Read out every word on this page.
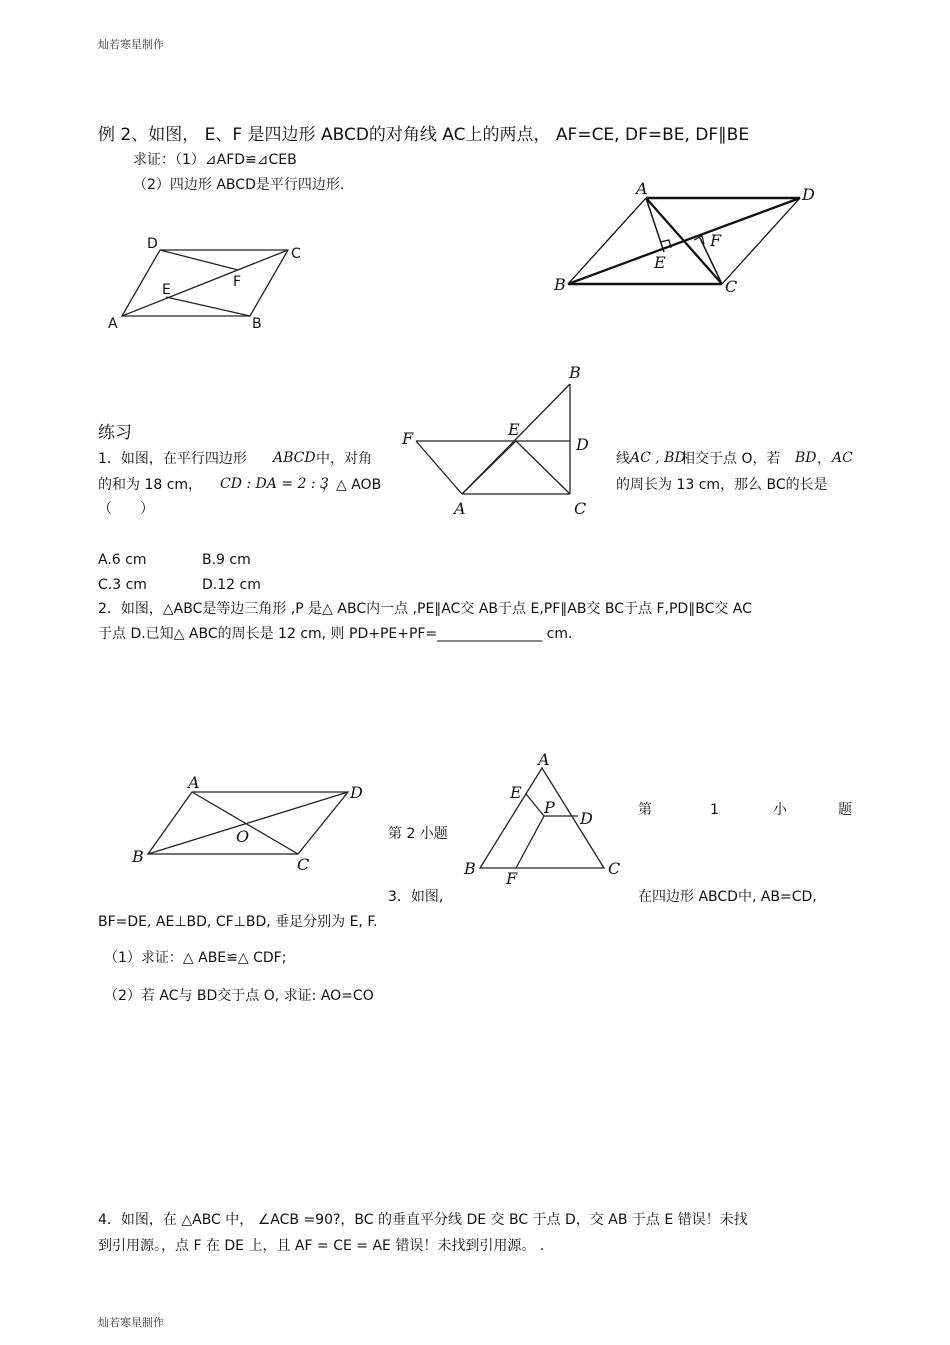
灿若寒星制作
例 2、如图， E、F 是四边形 ABCD的对角线 AC上的两点， AF=CE, DF=BE, DF∥BE
求证：（1）⊿AFD≌⊿CEB
（2）四边形 ABCD是平行四边形.
A	B
C
D
E	F
A	D
B	C
E
F
B
F	E
D
A	C
练习
1．如图，在平行四边形 ABCD 中，对角	线 AC , BD
相交于点 O，若 BD ， AC
的和为 18 cm， CD : DA = 2 : 3
，△ AOB	的周长为 13 cm，那么 BC的长是
（　　）
A.6 cm	B.9 cm
C.3 cm	D.12 cm
2．如图，△ABC是等边三角形 ,P 是△ ABC内一点 ,PE∥AC交 AB于点 E,PF∥AB交 BC于点 F,PD∥BC交 AC
于点 D.已知△ ABC的周长是 12 cm, 则 PD+PE+PF=_______________ cm.
A
D
B	C
O
A
E
P
D
B	C
F
第	1	小	题
第 2 小题
3．如图,	在四边形 ABCD中, AB=CD,
BF=DE, AE⊥BD, CF⊥BD, 垂足分别为 E, F.
（1）求证：△ ABE≌△ CDF;
（2）若 AC与 BD交于点 O, 求证: AO=CO
4．如图，在 △ABC 中， ∠ACB =90?，BC 的垂直平分线 DE 交 BC 于点 D，交 AB 于点 E 错误！未找
到引用源。，点 F 在 DE 上，且 AF = CE = AE 错误！未找到引用源。 .
灿若寒星制作
